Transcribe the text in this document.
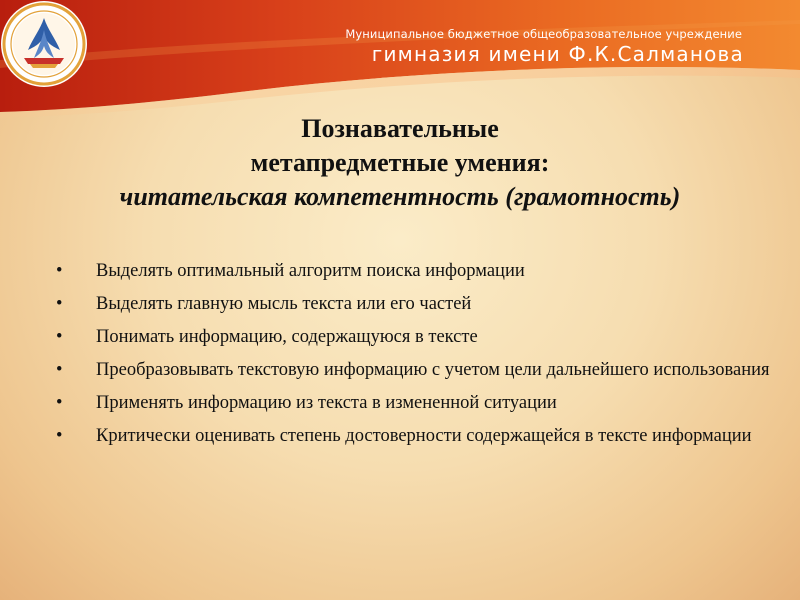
Муниципальное бюджетное общеобразовательное учреждение
гимназия имени Ф.К.Салманова
Познавательные
метапредметные умения:
читательская компетентность (грамотность)
• Выделять оптимальный алгоритм поиска информации
• Выделять главную мысль текста или его частей
• Понимать информацию, содержащуюся в тексте
• Преобразовывать текстовую информацию с учетом цели дальнейшего использования
• Применять информацию из текста в измененной ситуации
• Критически оценивать степень достоверности содержащейся в тексте информации
